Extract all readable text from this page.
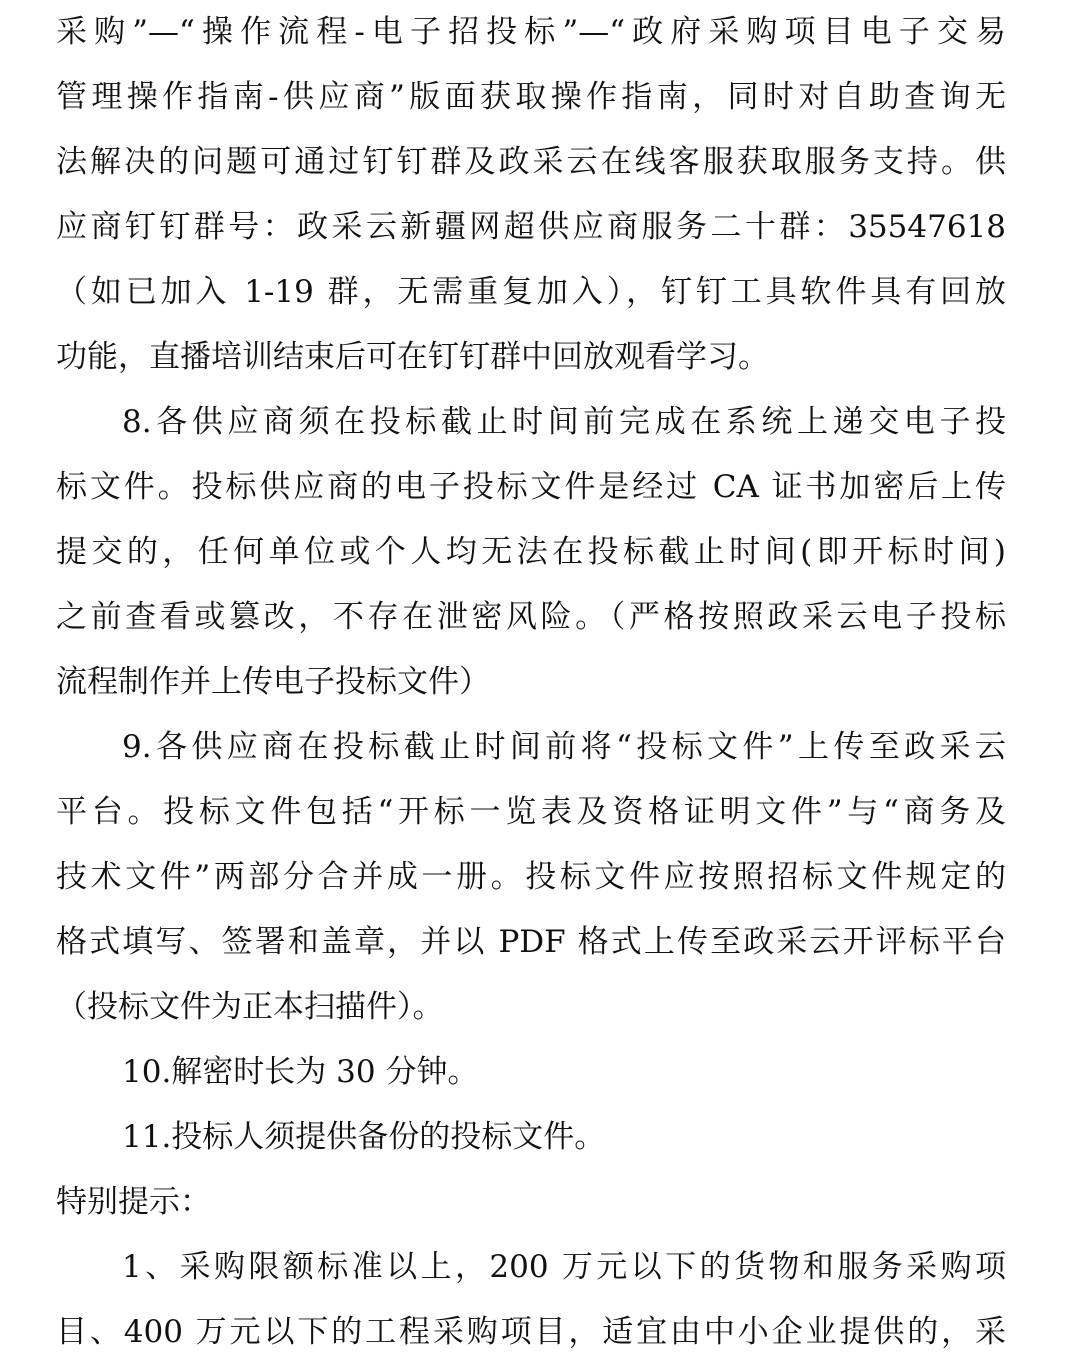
采购”—“操作流程-电子招投标”—“政府采购项目电子交易
管理操作指南-供应商”版面获取操作指南，同时对自助查询无
法解决的问题可通过钉钉群及政采云在线客服获取服务支持。供
应商钉钉群号：政采云新疆网超供应商服务二十群：35547618
（如已加入 1-19 群，无需重复加入），钉钉工具软件具有回放
功能，直播培训结束后可在钉钉群中回放观看学习。
8.各供应商须在投标截止时间前完成在系统上递交电子投
标文件。投标供应商的电子投标文件是经过 CA 证书加密后上传
提交的，任何单位或个人均无法在投标截止时间(即开标时间)
之前查看或篡改，不存在泄密风险。（严格按照政采云电子投标
流程制作并上传电子投标文件）
9.各供应商在投标截止时间前将“投标文件”上传至政采云
平台。投标文件包括“开标一览表及资格证明文件”与“商务及
技术文件”两部分合并成一册。投标文件应按照招标文件规定的
格式填写、签署和盖章，并以 PDF 格式上传至政采云开评标平台
（投标文件为正本扫描件）。
10.解密时长为 30 分钟。
11.投标人须提供备份的投标文件。
特别提示：
1、采购限额标准以上，200 万元以下的货物和服务采购项
目、400 万元以下的工程采购项目，适宜由中小企业提供的，采
